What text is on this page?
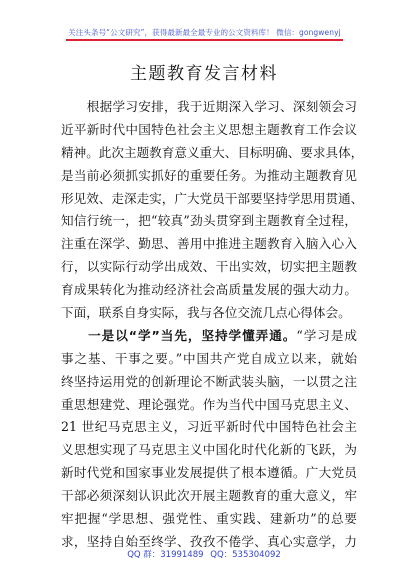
关注头条号“公文研究”，获得最新最全最专业的公文资料库！ 微信：gongwenyj
主题教育发言材料
　　根据学习安排，我于近期深入学习、深刻领会习
近平新时代中国特色社会主义思想主题教育工作会议
精神。此次主题教育意义重大、目标明确、要求具体，
是当前必须抓实抓好的重要任务。为推动主题教育见
形见效、走深走实，广大党员干部要坚持学思用贯通、
知信行统一，把“较真”劲头贯穿到主题教育全过程，
注重在深学、勤思、善用中推进主题教育入脑入心入
行，以实际行动学出成效、干出实效，切实把主题教
育成果转化为推动经济社会高质量发展的强大动力。
下面，联系自身实际，我与各位交流几点心得体会。
　　一是以“学”当先，坚持学懂弄通。“学习是成
事之基、干事之要。”中国共产党自成立以来，就始
终坚持运用党的创新理论不断武装头脑，一以贯之注
重思想建党、理论强党。作为当代中国马克思主义、
21 世纪马克思主义，习近平新时代中国特色社会主
义思想实现了马克思主义中国化时代化新的飞跃，为
新时代党和国家事业发展提供了根本遵循。广大党员
干部必须深刻认识此次开展主题教育的重大意义，牢
牢把握“学思想、强党性、重实践、建新功”的总要
求，坚持自始至终学、孜孜不倦学、真心实意学，力
QQ 群：31991489 QQ：535304092
